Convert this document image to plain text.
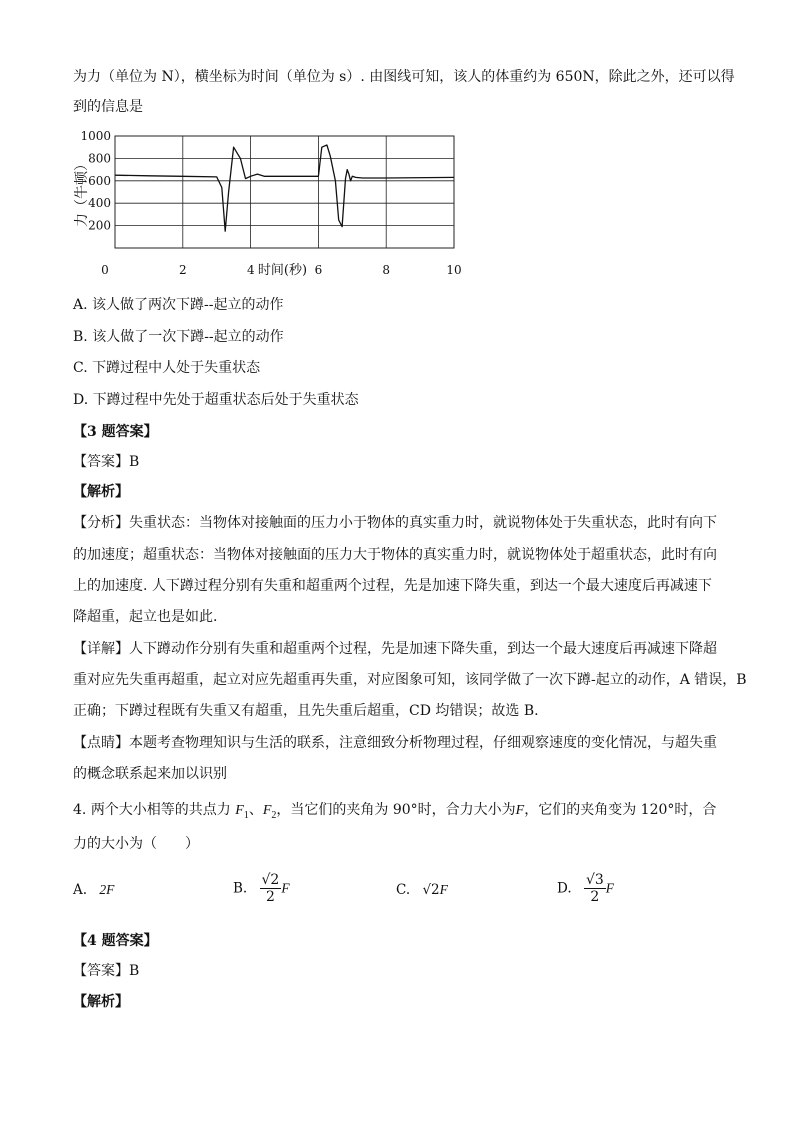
为力（单位为 N），横坐标为时间（单位为 s）. 由图线可知，该人的体重约为 650N，除此之外，还可以得
到的信息是
200
400
600
800
1000
0	2	4	6	8	10
时间(秒)
力（牛顿）
A. 该人做了两次下蹲--起立的动作
B. 该人做了一次下蹲--起立的动作
C. 下蹲过程中人处于失重状态
D. 下蹲过程中先处于超重状态后处于失重状态
【3 题答案】
【答案】B
【解析】
【分析】失重状态：当物体对接触面的压力小于物体的真实重力时，就说物体处于失重状态，此时有向下
的加速度；超重状态：当物体对接触面的压力大于物体的真实重力时，就说物体处于超重状态，此时有向
上的加速度. 人下蹲过程分别有失重和超重两个过程，先是加速下降失重，到达一个最大速度后再减速下
降超重，起立也是如此.
【详解】人下蹲动作分别有失重和超重两个过程，先是加速下降失重，到达一个最大速度后再减速下降超
重对应先失重再超重，起立对应先超重再失重，对应图象可知，该同学做了一次下蹲-起立的动作，A 错误，B
正确；下蹲过程既有失重又有超重，且先失重后超重，CD 均错误；故选 B.
【点睛】本题考查物理知识与生活的联系，注意细致分析物理过程，仔细观察速度的变化情况，与超失重
的概念联系起来加以识别
4. 两个大小相等的共点力 $F_1$、$F_2$，当它们的夹角为 90°时，合力大小为F，它们的夹角变为 120°时，合
力的大小为（　　）
A. 2F	B. $\frac{√2}{2}$ F	C. √2F	D. $\frac{√3}{2}$ F
【4 题答案】
【答案】B
【解析】
